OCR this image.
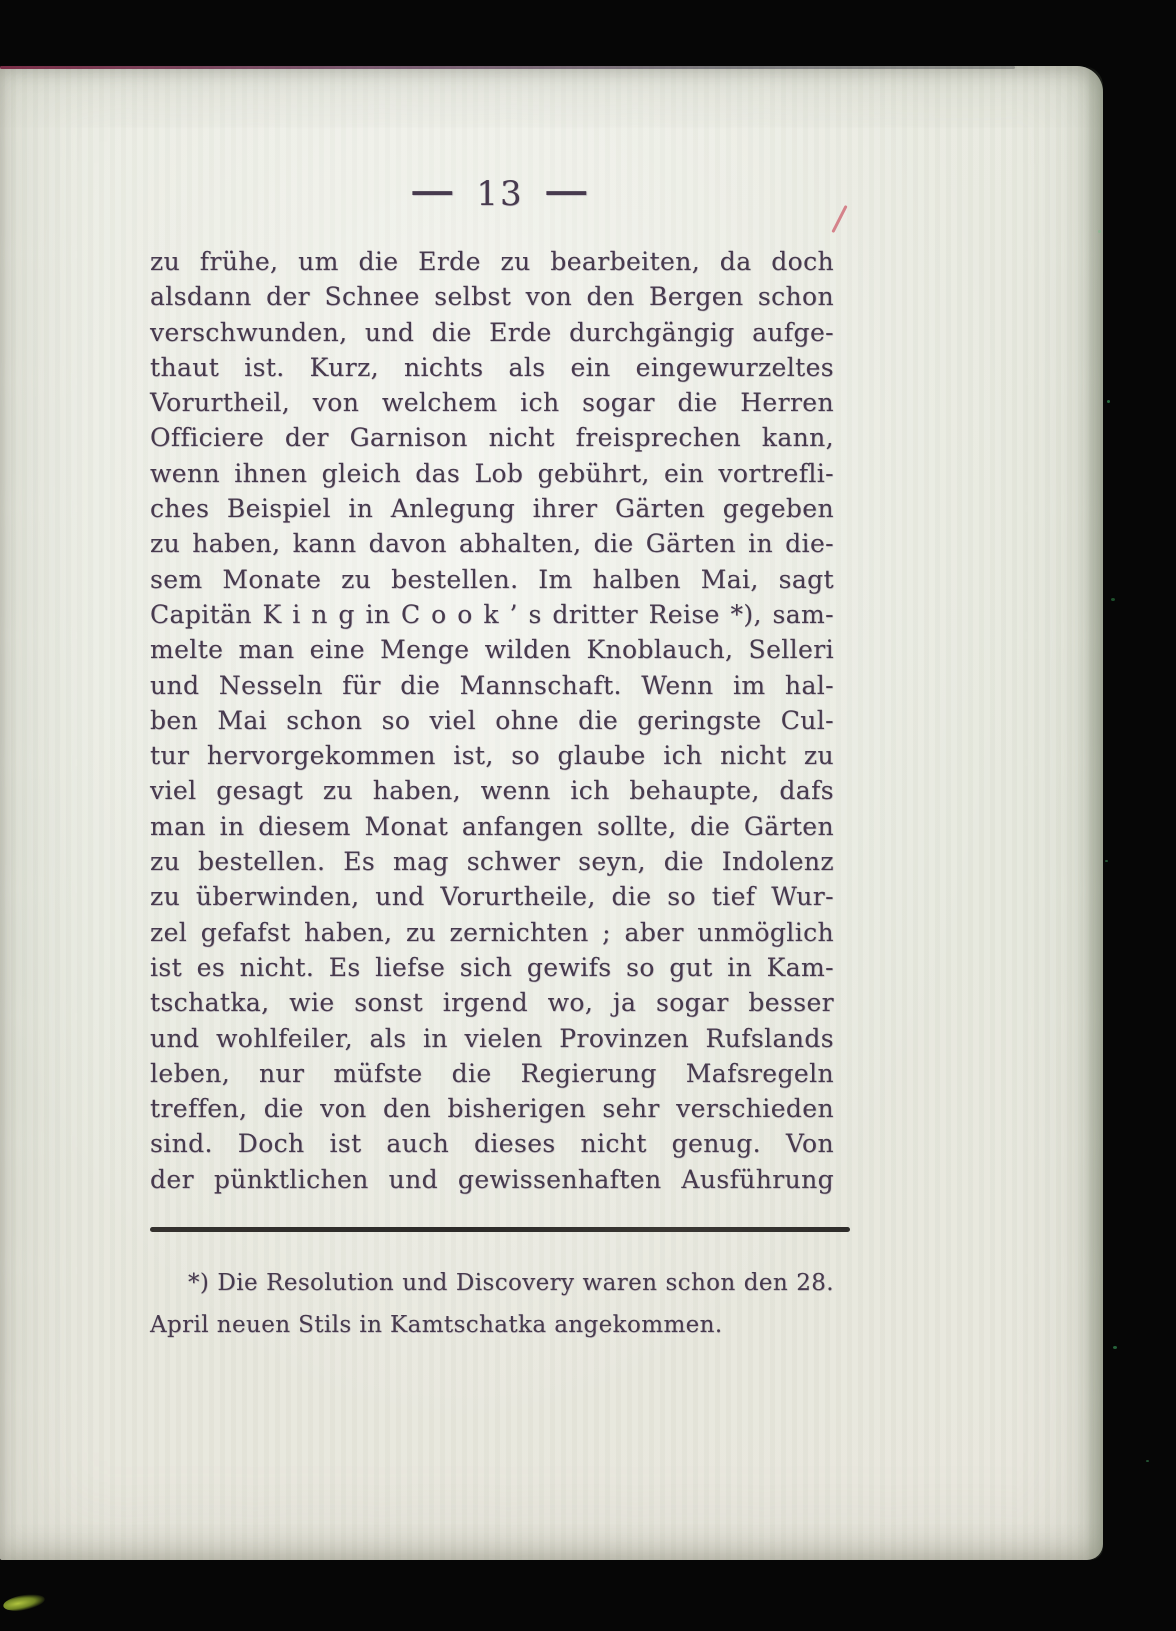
— 13 —
zu frühe, um die Erde zu bearbeiten, da doch
alsdann der Schnee selbst von den Bergen schon
verschwunden, und die Erde durchgängig aufge-
thaut ist. Kurz, nichts als ein eingewurzeltes
Vorurtheil, von welchem ich sogar die Herren
Officiere der Garnison nicht freisprechen kann,
wenn ihnen gleich das Lob gebührt, ein vortrefli-
ches Beispiel in Anlegung ihrer Gärten gegeben
zu haben, kann davon abhalten, die Gärten in die-
sem Monate zu bestellen. Im halben Mai, sagt
Capitän K i n g in C o o k ’ s dritter Reise *), sam-
melte man eine Menge wilden Knoblauch, Selleri
und Nesseln für die Mannschaft. Wenn im hal-
ben Mai schon so viel ohne die geringste Cul-
tur hervorgekommen ist, so glaube ich nicht zu
viel gesagt zu haben, wenn ich behaupte, dafs
man in diesem Monat anfangen sollte, die Gärten
zu bestellen. Es mag schwer seyn, die Indolenz
zu überwinden, und Vorurtheile, die so tief Wur-
zel gefafst haben, zu zernichten ; aber unmöglich
ist es nicht. Es liefse sich gewifs so gut in Kam-
tschatka, wie sonst irgend wo, ja sogar besser
und wohlfeiler, als in vielen Provinzen Rufslands
leben, nur müfste die Regierung Mafsregeln
treffen, die von den bisherigen sehr verschieden
sind. Doch ist auch dieses nicht genug. Von
der pünktlichen und gewissenhaften Ausführung
*) Die Resolution und Discovery waren schon den 28.
April neuen Stils in Kamtschatka angekommen.
